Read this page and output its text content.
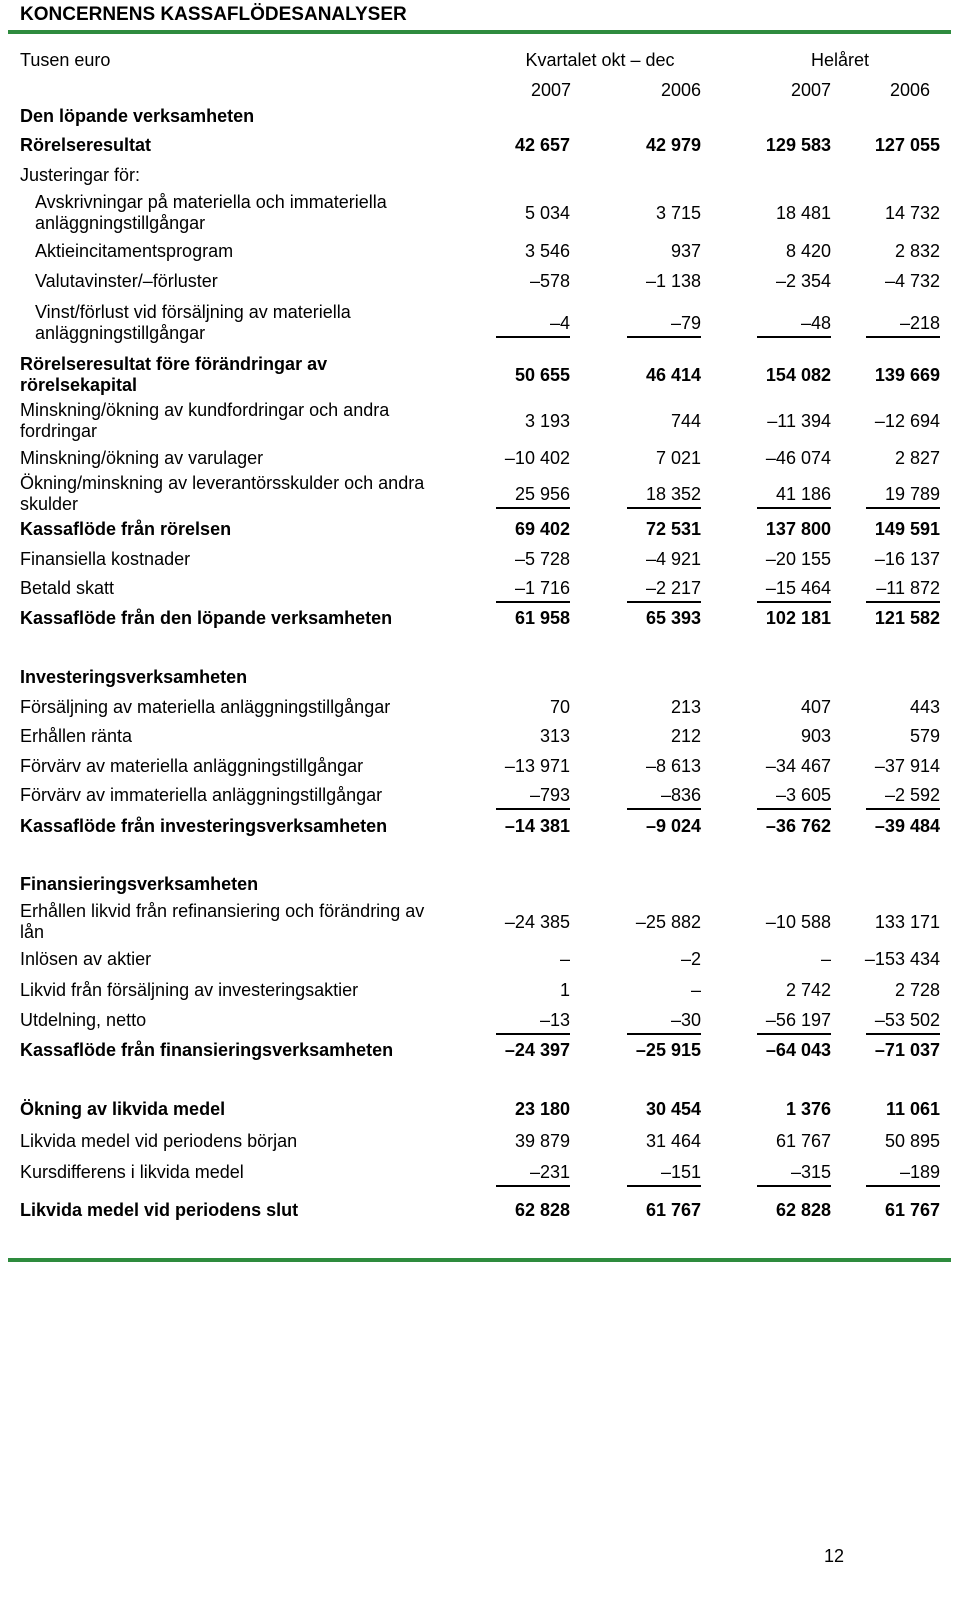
KONCERNENS KASSAFLÖDESANALYSER
Tusen euro	Kvartalet okt – dec	Helåret
2007	2006	2007	2006
Den löpande verksamheten
Rörelseresultat	42 657	42 979	129 583	127 055
Justeringar för:
Avskrivningar på materiella och immateriella
anläggningstillgångar	5 034	3 715	18 481	14 732
Aktieincitamentsprogram	3 546	937	8 420	2 832
Valutavinster/–förluster	–578	–1 138	–2 354	–4 732
Vinst/förlust vid försäljning av materiella
anläggningstillgångar	–4	–79	–48	–218
Rörelseresultat före förändringar av
rörelsekapital	50 655	46 414	154 082	139 669
Minskning/ökning av kundfordringar och andra
fordringar	3 193	744	–11 394	–12 694
Minskning/ökning av varulager	–10 402	7 021	–46 074	2 827
Ökning/minskning av leverantörsskulder och andra
skulder	25 956	18 352	41 186	19 789
Kassaflöde från rörelsen	69 402	72 531	137 800	149 591
Finansiella kostnader	–5 728	–4 921	–20 155	–16 137
Betald skatt	–1 716	–2 217	–15 464	–11 872
Kassaflöde från den löpande verksamheten	61 958	65 393	102 181	121 582
Investeringsverksamheten
Försäljning av materiella anläggningstillgångar	70	213	407	443
Erhållen ränta	313	212	903	579
Förvärv av materiella anläggningstillgångar	–13 971	–8 613	–34 467	–37 914
Förvärv av immateriella anläggningstillgångar	–793	–836	–3 605	–2 592
Kassaflöde från investeringsverksamheten	–14 381	–9 024	–36 762	–39 484
Finansieringsverksamheten
Erhållen likvid från refinansiering och förändring av
lån	–24 385	–25 882	–10 588	133 171
Inlösen av aktier	–	–2	–	–153 434
Likvid från försäljning av investeringsaktier	1	–	2 742	2 728
Utdelning, netto	–13	–30	–56 197	–53 502
Kassaflöde från finansieringsverksamheten	–24 397	–25 915	–64 043	–71 037
Ökning av likvida medel	23 180	30 454	1 376	11 061
Likvida medel vid periodens början	39 879	31 464	61 767	50 895
Kursdifferens i likvida medel	–231	–151	–315	–189
Likvida medel vid periodens slut	62 828	61 767	62 828	61 767
12
